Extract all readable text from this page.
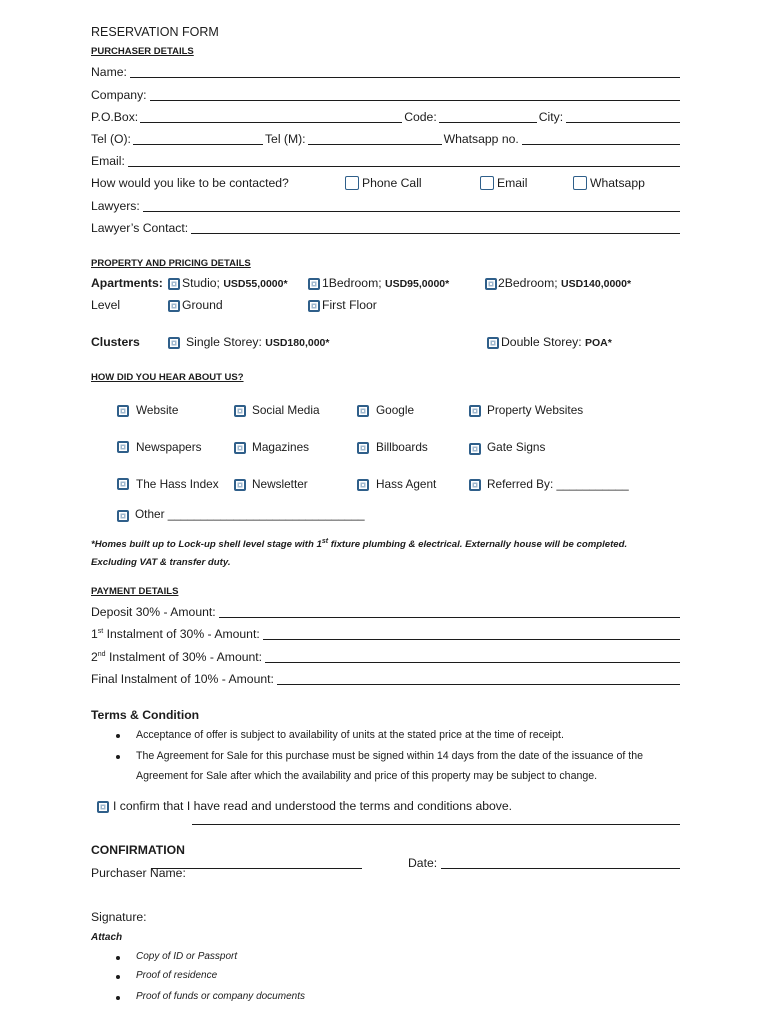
RESERVATION FORM
PURCHASER DETAILS
Name:
Company:
P.O.Box:	Code:	City:
Tel (O):	Tel (M):	Whatsapp no.
Email:
How would you like to be contacted?	Phone Call	Email	Whatsapp
Lawyers:
Lawyer’s Contact:
PROPERTY AND PRICING DETAILS
Apartments: Studio; USD55,0000*	1Bedroom; USD95,0000*	2Bedroom; USD140,0000*
Level	Ground	First Floor
Clusters	Single Storey: USD180,000*	Double Storey: POA*
HOW DID YOU HEAR ABOUT US?
Website	Social Media	Google	Property Websites
Newspapers	Magazines	Billboards	Gate Signs
The Hass Index	Newsletter	Hass Agent	Referred By: ___________
Other ______________________________
*Homes built up to Lock-up shell level stage with 1st fixture plumbing & electrical. Externally house will be completed.
Excluding VAT & transfer duty.
PAYMENT DETAILS
Deposit 30% - Amount:
1st Instalment of 30% - Amount:
2nd Instalment of 30% - Amount:
Final Instalment of 10% - Amount:
Terms & Condition
Acceptance of offer is subject to availability of units at the stated price at the time of receipt.
The Agreement for Sale for this purchase must be signed within 14 days from the date of the issuance of the
Agreement for Sale after which the availability and price of this property may be subject to change.
I confirm that I have read and understood the terms and conditions above.
CONFIRMATION
Purchaser Name:
Date:
Signature:
Attach
Copy of ID or Passport
Proof of residence
Proof of funds or company documents
